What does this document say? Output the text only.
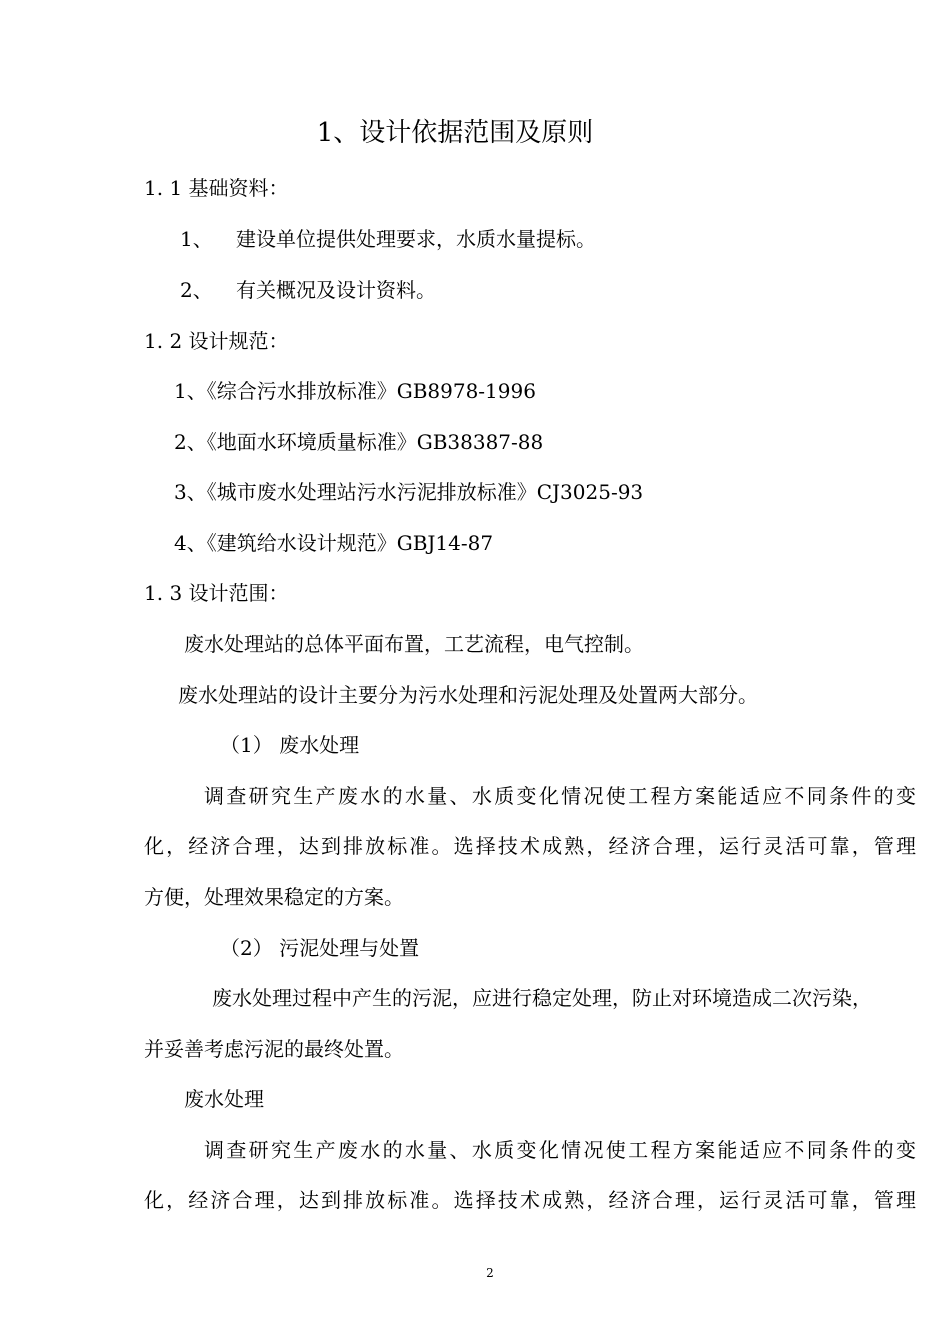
1、设计依据范围及原则
1. 1 基础资料：
1、 建设单位提供处理要求，水质水量提标。
2、 有关概况及设计资料。
1. 2 设计规范：
1、《综合污水排放标准》GB8978-1996
2、《地面水环境质量标准》GB38387-88
3、《城市废水处理站污水污泥排放标准》CJ3025-93
4、《建筑给水设计规范》GBJ14-87
1. 3 设计范围：
废水处理站的总体平面布置，工艺流程，电气控制。
废水处理站的设计主要分为污水处理和污泥处理及处置两大部分。
（1） 废水处理
调查研究生产废水的水量、水质变化情况使工程方案能适应不同条件的变
化，经济合理，达到排放标准。选择技术成熟，经济合理，运行灵活可靠，管理
方便，处理效果稳定的方案。
（2） 污泥处理与处置
废水处理过程中产生的污泥，应进行稳定处理，防止对环境造成二次污染，
并妥善考虑污泥的最终处置。
废水处理
调查研究生产废水的水量、水质变化情况使工程方案能适应不同条件的变
化，经济合理，达到排放标准。选择技术成熟，经济合理，运行灵活可靠，管理
2
